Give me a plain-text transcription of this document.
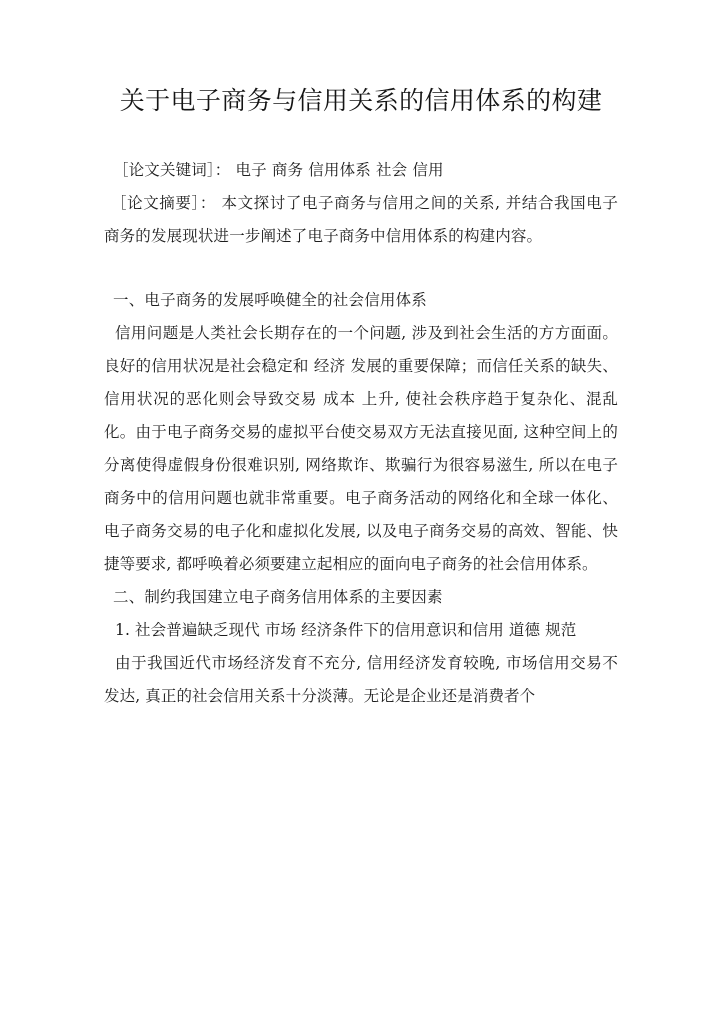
关于电子商务与信用关系的信用体系的构建

［论文关键词］： 电子 商务 信用体系 社会 信用

［论文摘要］： 本文探讨了电子商务与信用之间的关系, 并结合我国电子商务的发展现状进一步阐述了电子商务中信用体系的构建内容。

一、电子商务的发展呼唤健全的社会信用体系

信用问题是人类社会长期存在的一个问题, 涉及到社会生活的方方面面。良好的信用状况是社会稳定和 经济 发展的重要保障；而信任关系的缺失、信用状况的恶化则会导致交易 成本 上升, 使社会秩序趋于复杂化、混乱化。由于电子商务交易的虚拟平台使交易双方无法直接见面, 这种空间上的分离使得虚假身份很难识别, 网络欺诈、欺骗行为很容易滋生, 所以在电子商务中的信用问题也就非常重要。电子商务活动的网络化和全球一体化、电子商务交易的电子化和虚拟化发展, 以及电子商务交易的高效、智能、快捷等要求, 都呼唤着必须要建立起相应的面向电子商务的社会信用体系。

二、制约我国建立电子商务信用体系的主要因素

1. 社会普遍缺乏现代 市场 经济条件下的信用意识和信用 道德 规范

由于我国近代市场经济发育不充分, 信用经济发育较晚, 市场信用交易不发达, 真正的社会信用关系十分淡薄。无论是企业还是消费者个
